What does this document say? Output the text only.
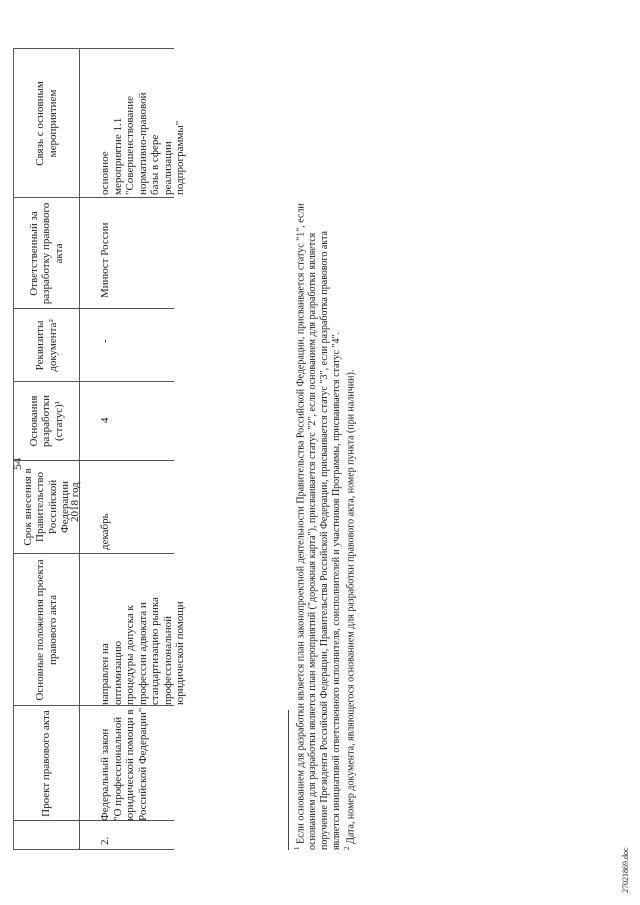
54
Проект правового акта
Основные положения проекта правового акта
Срок внесения в Правительство Российской Федерации
Основания разработки (статус)¹
Реквизиты документа²
Ответственный за разработку правового акта
Связь с основным мероприятием
2018 год
2.
Федеральный закон "О профессиональной юридической помощи в Российской Федерации"
направлен на оптимизацию процедуры допуска к профессии адвоката и стандартизацию рынка профессиональной юридической помощи
декабрь
4
-
Минюст России
основное мероприятие 1.1 "Совершенствование нормативно-правовой базы в сфере реализации подпрограммы"
$^1$ Если основанием для разработки является план законопроектной деятельности Правительства Российской Федерации, присваивается статус "1", если основанием для разработки является план мероприятий ("дорожная карта"), присваивается статус "2", если основанием для разработки является поручение Президента Российской Федерации, Правительства Российской Федерации, присваивается статус "3", если разработка правового акта является инициативой ответственного исполнителя, соисполнителей и участников Программы, присваивается статус "4". $^2$ Дата, номер документа, являющегося основанием для разработки правового акта, номер пункта (при наличии).
27021869.doc
